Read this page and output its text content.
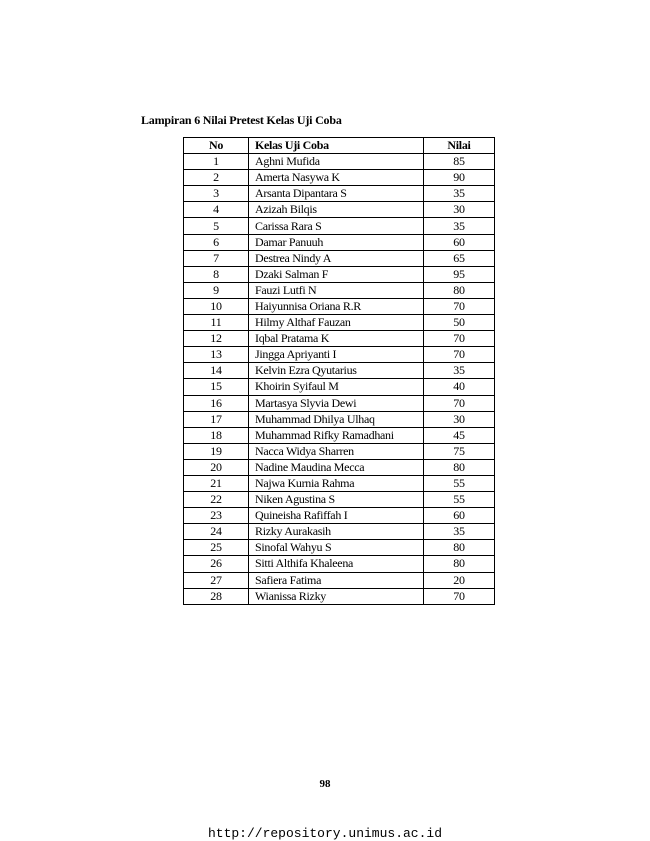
Lampiran 6 Nilai Pretest Kelas Uji Coba
No	Kelas Uji Coba	Nilai
1	Aghni Mufida	85
2	Amerta Nasywa K	90
3	Arsanta Dipantara S	35
4	Azizah Bilqis	30
5	Carissa Rara S	35
6	Damar Panuuh	60
7	Destrea Nindy A	65
8	Dzaki Salman F	95
9	Fauzi Lutfi N	80
10	Haiyunnisa Oriana R.R	70
11	Hilmy Althaf Fauzan	50
12	Iqbal Pratama K	70
13	Jingga Apriyanti I	70
14	Kelvin Ezra Qyutarius	35
15	Khoirin Syifaul M	40
16	Martasya Slyvia Dewi	70
17	Muhammad Dhilya Ulhaq	30
18	Muhammad Rifky Ramadhani	45
19	Nacca Widya Sharren	75
20	Nadine Maudina Mecca	80
21	Najwa Kurnia Rahma	55
22	Niken Agustina S	55
23	Quineisha Rafiffah I	60
24	Rizky Aurakasih	35
25	Sinofal Wahyu S	80
26	Sitti Althifa Khaleena	80
27	Safiera Fatima	20
28	Wianissa Rizky	70
98
http://repository.unimus.ac.id
